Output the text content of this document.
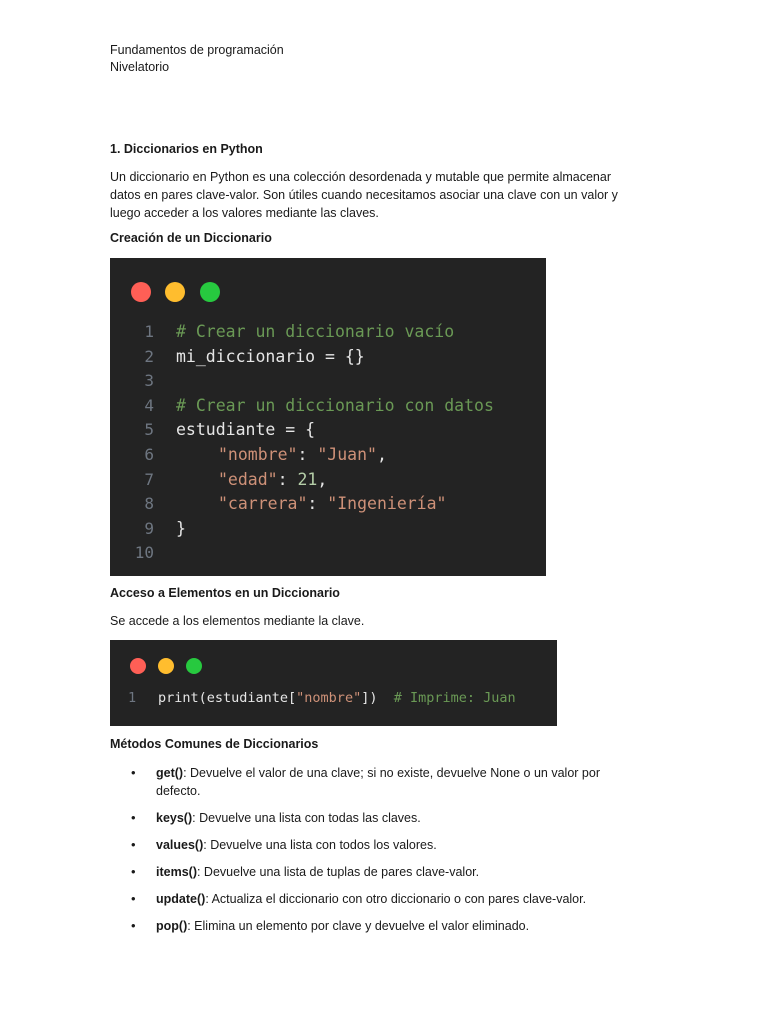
Fundamentos de programación
Nivelatorio
1. Diccionarios en Python
Un diccionario en Python es una colección desordenada y mutable que permite almacenar datos en pares clave-valor. Son útiles cuando necesitamos asociar una clave con un valor y luego acceder a los valores mediante las claves.
Creación de un Diccionario
1
2
3
4
5
6
7
8
9
10
# Crear un diccionario vacío
mi_diccionario = {}
# Crear un diccionario con datos
estudiante = {
"nombre": "Juan",
"edad": 21,
"carrera": "Ingeniería"
}
Acceso a Elementos en un Diccionario
Se accede a los elementos mediante la clave.
1 print(estudiante["nombre"])  # Imprime: Juan
Métodos Comunes de Diccionarios
• get(): Devuelve el valor de una clave; si no existe, devuelve None o un valor por defecto.
• keys(): Devuelve una lista con todas las claves.
• values(): Devuelve una lista con todos los valores.
• items(): Devuelve una lista de tuplas de pares clave-valor.
• update(): Actualiza el diccionario con otro diccionario o con pares clave-valor.
• pop(): Elimina un elemento por clave y devuelve el valor eliminado.
